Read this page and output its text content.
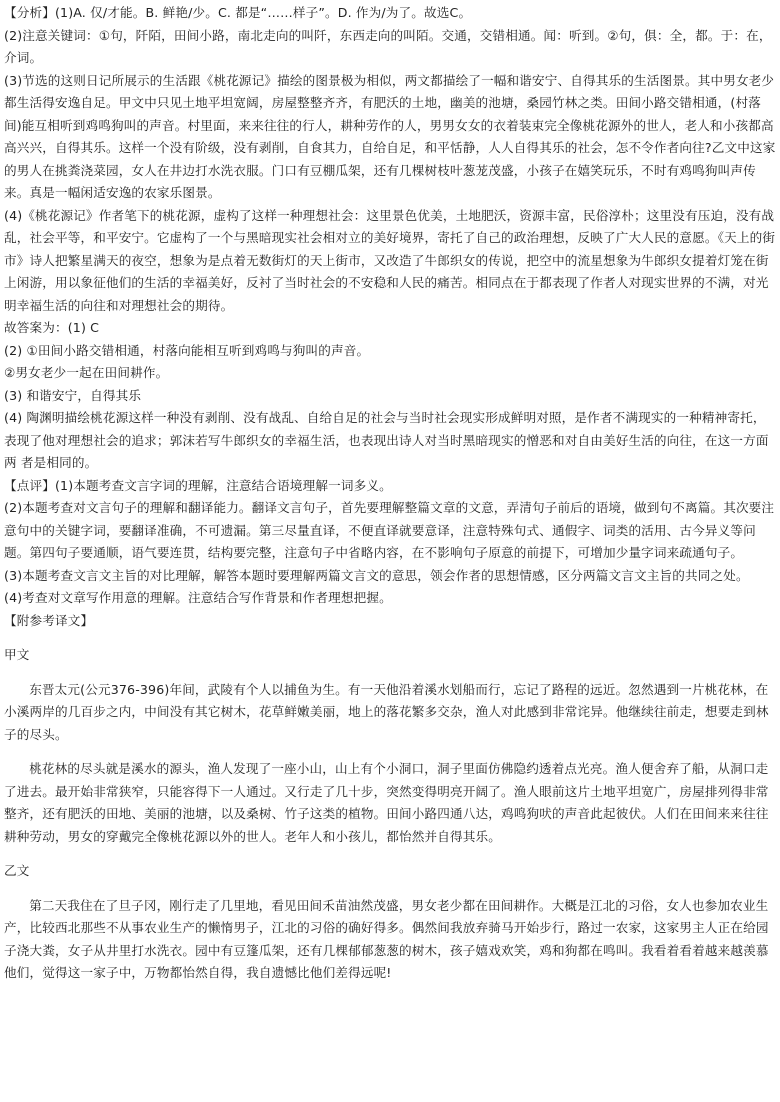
【分析】(1)A. 仅/才能。B. 鲜艳/少。C. 都是“……样子”。D. 作为/为了。故选C。

(2)注意关键词：①句，阡陌，田间小路，南北走向的叫阡，东西走向的叫陌。交通，交错相通。闻：听到。②句，俱：全，都。于：在，介词。

(3)节选的这则日记所展示的生活跟《桃花源记》描绘的图景极为相似，两文都描绘了一幅和谐安宁、自得其乐的生活图景。其中男女老少都生活得安逸自足。甲文中只见土地平坦宽阔，房屋整整齐齐，有肥沃的土地，幽美的池塘，桑园竹林之类。田间小路交错相通，(村落间)能互相听到鸡鸣狗叫的声音。村里面，来来往往的行人，耕种劳作的人，男男女女的衣着装束完全像桃花源外的世人，老人和小孩都高高兴兴，自得其乐。这样一个没有阶级，没有剥削，自食其力，自给自足，和平恬静，人人自得其乐的社会，怎不令作者向往?乙文中这家的男人在挑粪浇菜园，女人在井边打水洗衣服。门口有豆棚瓜架，还有几棵树枝叶葱茏茂盛，小孩子在嬉笑玩乐，不时有鸡鸣狗叫声传来。真是一幅闲适安逸的农家乐图景。

(4)《桃花源记》作者笔下的桃花源，虚构了这样一种理想社会：这里景色优美，土地肥沃，资源丰富，民俗淳朴；这里没有压迫，没有战乱，社会平等，和平安宁。它虚构了一个与黑暗现实社会相对立的美好境界，寄托了自己的政治理想，反映了广大人民的意愿。《天上的街市》诗人把繁星满天的夜空，想象为是点着无数街灯的天上街市，又改造了牛郎织女的传说，把空中的流星想象为牛郎织女提着灯笼在街上闲游，用以象征他们的生活的幸福美好，反衬了当时社会的不安稳和人民的痛苦。相同点在于都表现了作者人对现实世界的不满，对光明幸福生活的向往和对理想社会的期待。

故答案为：(1) C

(2) ①田间小路交错相通，村落向能相互听到鸡鸣与狗叫的声音。

②男女老少一起在田间耕作。

(3) 和谐安宁，自得其乐

(4) 陶渊明描绘桃花源这样一种没有剥削、没有战乱、自给自足的社会与当时社会现实形成鲜明对照，是作者不满现实的一种精神寄托，表现了他对理想社会的追求；郭沫若写牛郎织女的幸福生活，也表现出诗人对当时黑暗现实的憎恶和对自由美好生活的向往，在这一方面两 者是相同的。

【点评】(1)本题考查文言字词的理解，注意结合语境理解一词多义。

(2)本题考查对文言句子的理解和翻译能力。翻译文言句子，首先要理解整篇文章的文意，弄清句子前后的语境，做到句不离篇。其次要注意句中的关键字词，要翻译准确，不可遗漏。第三尽量直译，不便直译就要意译，注意特殊句式、通假字、词类的活用、古今异义等问题。第四句子要通顺，语气要连贯，结构要完整，注意句子中省略内容，在不影响句子原意的前提下，可增加少量字词来疏通句子。

(3)本题考查文言文主旨的对比理解，解答本题时要理解两篇文言文的意思，领会作者的思想情感，区分两篇文言文主旨的共同之处。

(4)考查对文章写作用意的理解。注意结合写作背景和作者理想把握。

【附参考译文】

甲文

东晋太元(公元376-396)年间，武陵有个人以捕鱼为生。有一天他沿着溪水划船而行，忘记了路程的远近。忽然遇到一片桃花林，在小溪两岸的几百步之内，中间没有其它树木，花草鲜嫩美丽，地上的落花繁多交杂，渔人对此感到非常诧异。他继续往前走，想要走到林子的尽头。

桃花林的尽头就是溪水的源头，渔人发现了一座小山，山上有个小洞口，洞子里面仿佛隐约透着点光亮。渔人便舍弃了船，从洞口走了进去。最开始非常狭窄，只能容得下一人通过。又行走了几十步，突然变得明亮开阔了。渔人眼前这片土地平坦宽广，房屋排列得非常整齐，还有肥沃的田地、美丽的池塘，以及桑树、竹子这类的植物。田间小路四通八达，鸡鸣狗吠的声音此起彼伏。人们在田间来来往往耕种劳动，男女的穿戴完全像桃花源以外的世人。老年人和小孩儿，都怡然并自得其乐。

乙文

第二天我住在了旦子冈，刚行走了几里地，看见田间禾苗油然茂盛，男女老少都在田间耕作。大概是江北的习俗，女人也参加农业生产，比较西北那些不从事农业生产的懒惰男子，江北的习俗的确好得多。偶然间我放弃骑马开始步行，路过一农家，这家男主人正在给园子浇大粪，女子从井里打水洗衣。园中有豆篷瓜架，还有几棵郁郁葱葱的树木，孩子嬉戏欢笑，鸡和狗都在鸣叫。我看着看着越来越羡慕他们，觉得这一家子中，万物都怡然自得，我自遗憾比他们差得远呢!
